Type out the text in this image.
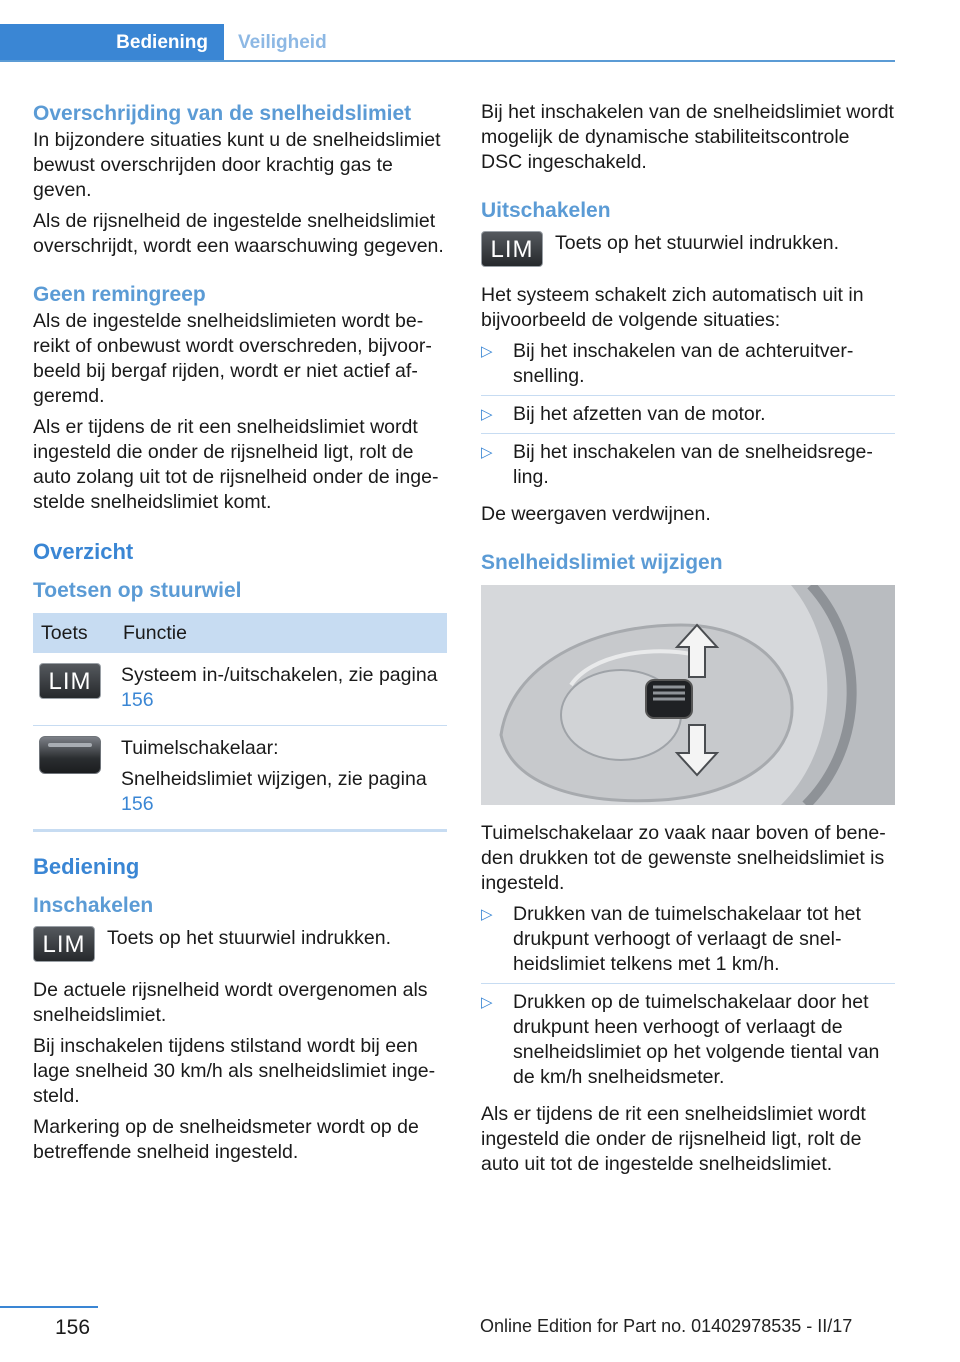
Bediening Veiligheid
Overschrijding van de snelheidslimiet

In bijzondere situaties kunt u de snelheidslimiet bewust overschrijden door krachtig gas te geven.

Als de rijsnelheid de ingestelde snelheidslimiet overschrijdt, wordt een waarschuwing gegeven.

Geen remingreep

Als de ingestelde snelheidslimieten wordt bereikt of onbewust wordt overschreden, bijvoorbeeld bij bergaf rijden, wordt er niet actief afgeremd.

Als er tijdens de rit een snelheidslimiet wordt ingesteld die onder de rijsnelheid ligt, rolt de auto zolang uit tot de rijsnelheid onder de ingestelde snelheidslimiet komt.

Overzicht
Toetsen op stuurwiel
Toets	Functie
LIM	Systeem in-/uitschakelen, zie pagina 156

	Tuimelschakelaar:

Snelheidslimiet wijzigen, zie pagina 156
Bediening
Inschakelen
LIM	Toets op het stuurwiel indrukken.

De actuele rijsnelheid wordt overgenomen als snelheidslimiet.

Bij inschakelen tijdens stilstand wordt bij een lage snelheid 30 km/h als snelheidslimiet ingesteld.

Markering op de snelheidsmeter wordt op de betreffende snelheid ingesteld.

Bij het inschakelen van de snelheidslimiet wordt mogelijk de dynamische stabiliteitscontrole DSC ingeschakeld.

Uitschakelen
LIM	Toets op het stuurwiel indrukken.

Het systeem schakelt zich automatisch uit in bijvoorbeeld de volgende situaties:

▷ Bij het inschakelen van de achteruitversnelling.
▷ Bij het afzetten van de motor.
▷ Bij het inschakelen van de snelheidsregeling.

De weergaven verdwijnen.

Snelheidslimiet wijzigen

Tuimelschakelaar zo vaak naar boven of beneden drukken tot de gewenste snelheidslimiet is ingesteld.

▷ Drukken van de tuimelschakelaar tot het drukpunt verhoogt of verlaagt de snelheidslimiet telkens met 1 km/h.
▷ Drukken op de tuimelschakelaar door het drukpunt heen verhoogt of verlaagt de snelheidslimiet op het volgende tiental van de km/h snelheidsmeter.

Als er tijdens de rit een snelheidslimiet wordt ingesteld die onder de rijsnelheid ligt, rolt de auto uit tot de ingestelde snelheidslimiet.

156	Online Edition for Part no. 01402978535 - II/17
